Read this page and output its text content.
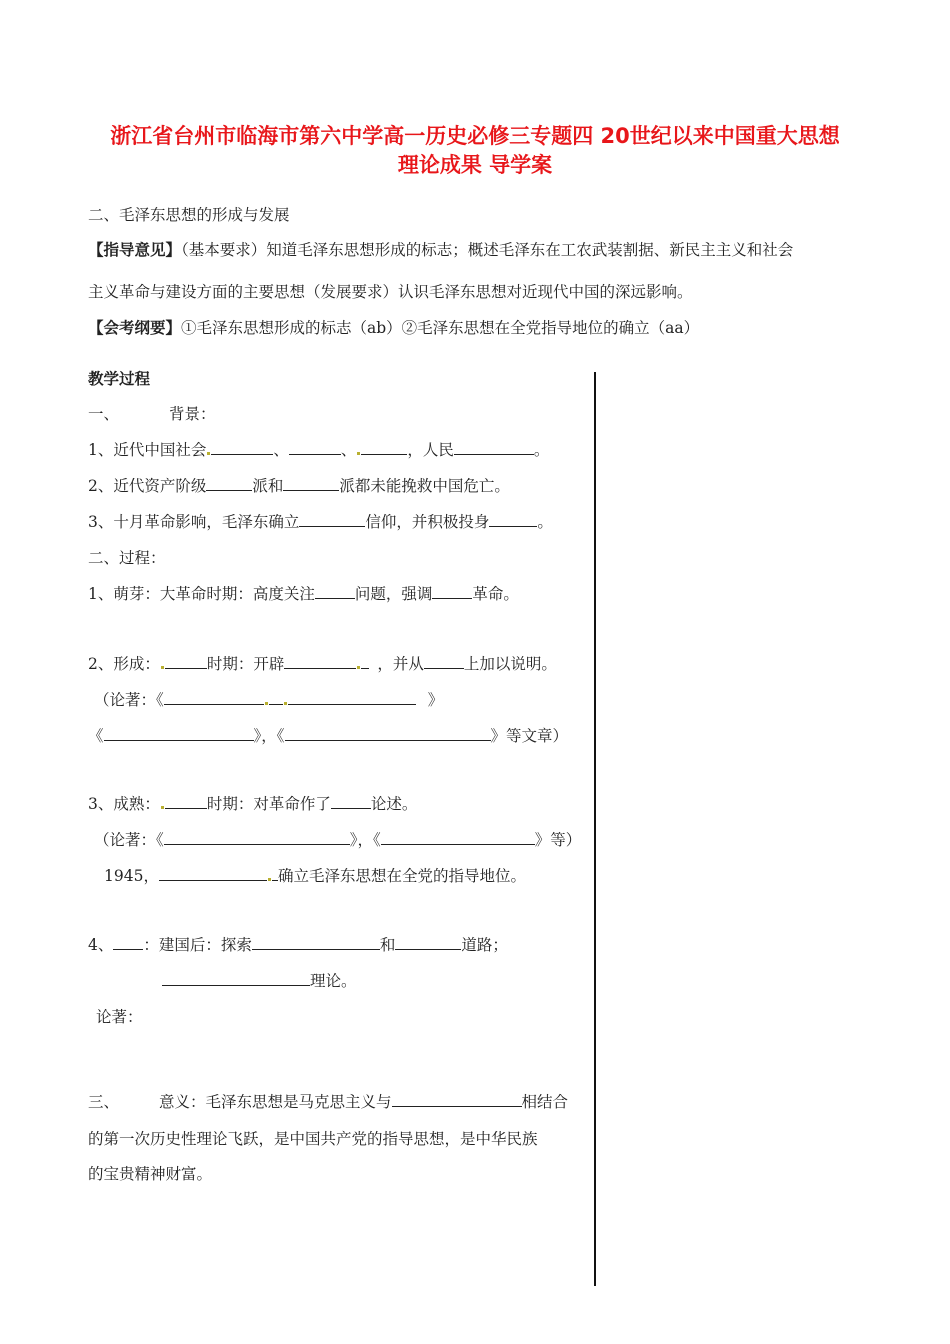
浙江省台州市临海市第六中学高一历史必修三专题四 20世纪以来中国重大思想
理论成果 导学案
二、毛泽东思想的形成与发展
【指导意见】（基本要求）知道毛泽东思想形成的标志；概述毛泽东在工农武装割据、新民主主义和社会
主义革命与建设方面的主要思想（发展要求）认识毛泽东思想对近现代中国的深远影响。
【会考纲要】①毛泽东思想形成的标志（ab）②毛泽东思想在全党指导地位的确立（aa）
教学过程
一、	背景：
1、近代中国社会	、	、	，人民	。
2、近代资产阶级	派和	派都未能挽救中国危亡。
3、十月革命影响，毛泽东确立	信仰，并积极投身	。
二、过程：
1、萌芽：大革命时期：高度关注	问题，强调	革命。
2、形成：	时期：开辟	，并从	上加以说明。
（论著：《	》
《	》，《	》等文章）
3、成熟：	时期：对革命作了	论述。
（论著：《	》，《	》等）
1945，	确立毛泽东思想在全党的指导地位。
4、 ：建国后：探索	和	道路；
理论。
论著：
三、	意义：毛泽东思想是马克思主义与	相结合
的第一次历史性理论飞跃，是中国共产党的指导思想，是中华民族
的宝贵精神财富。
